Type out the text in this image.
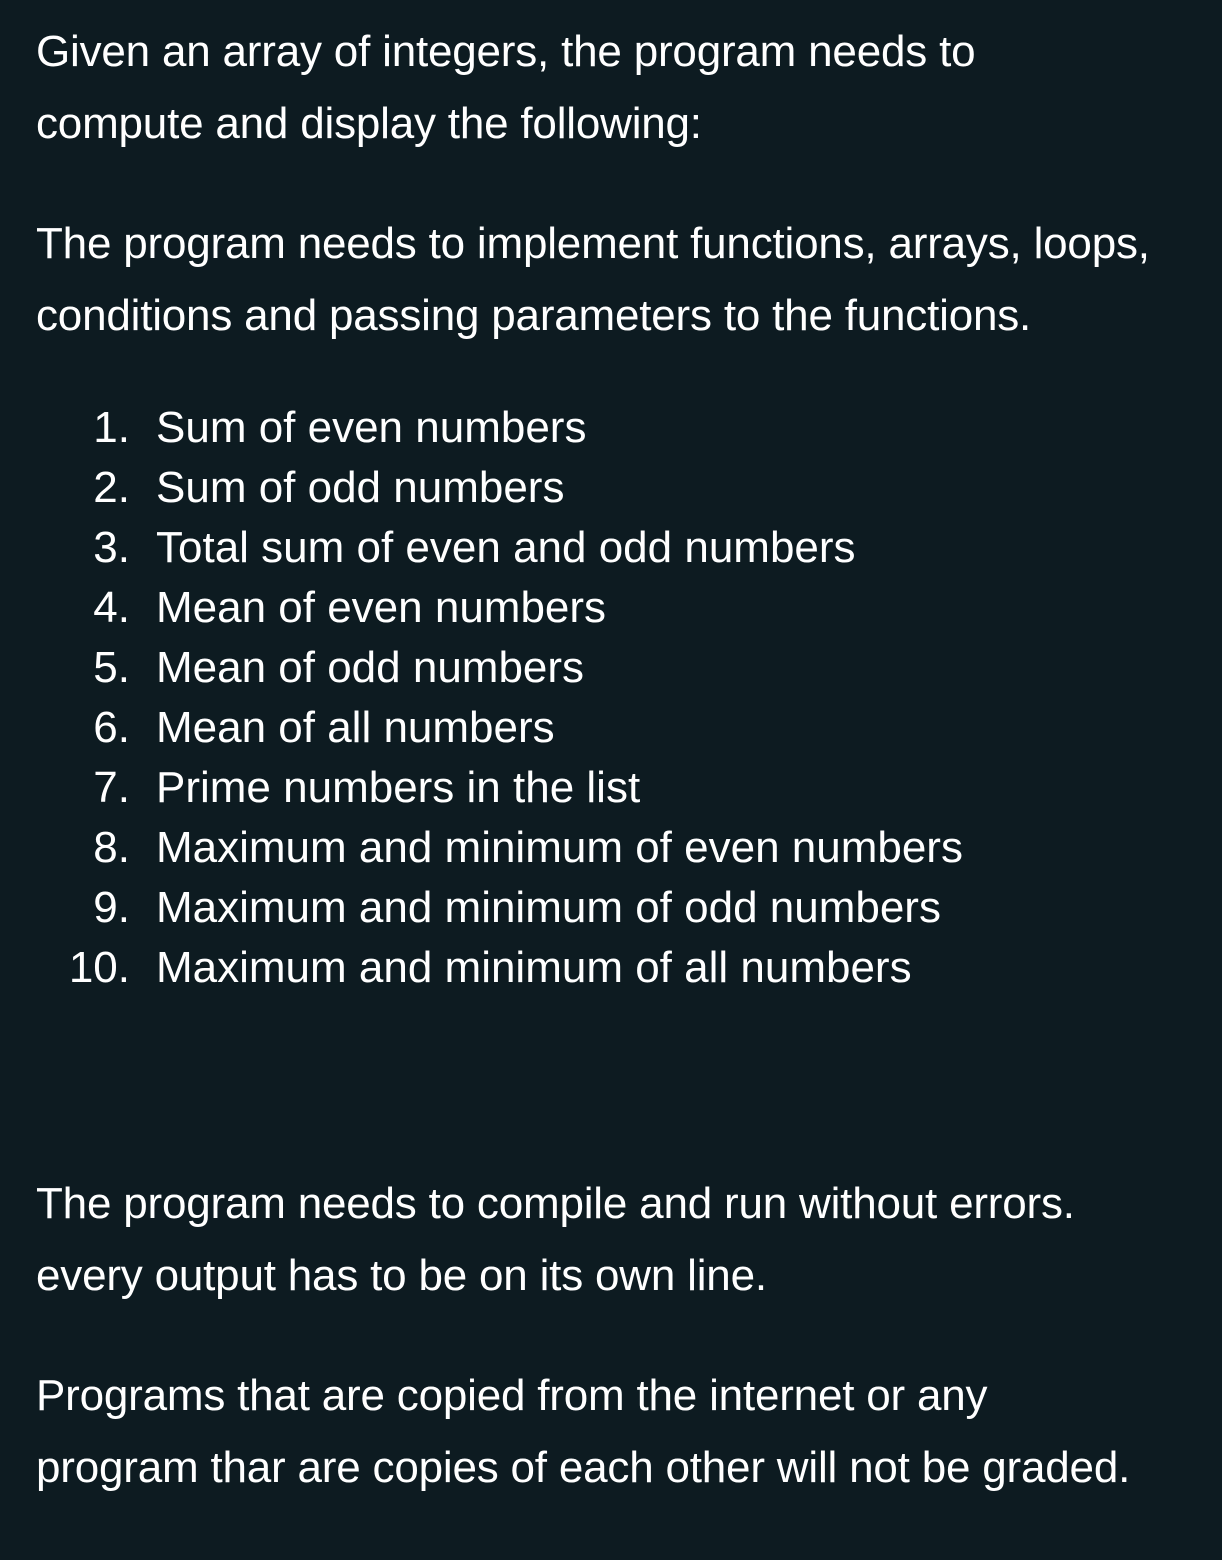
Given an array of integers, the program needs to
compute and display the following:

The program needs to implement functions, arrays, loops,
conditions and passing parameters to the functions.

1. Sum of even numbers
2. Sum of odd numbers
3. Total sum of even and odd numbers
4. Mean of even numbers
5. Mean of odd numbers
6. Mean of all numbers
7. Prime numbers in the list
8. Maximum and minimum of even numbers
9. Maximum and minimum of odd numbers
10. Maximum and minimum of all numbers

The program needs to compile and run without errors.
every output has to be on its own line.

Programs that are copied from the internet or any
program thar are copies of each other will not be graded.
